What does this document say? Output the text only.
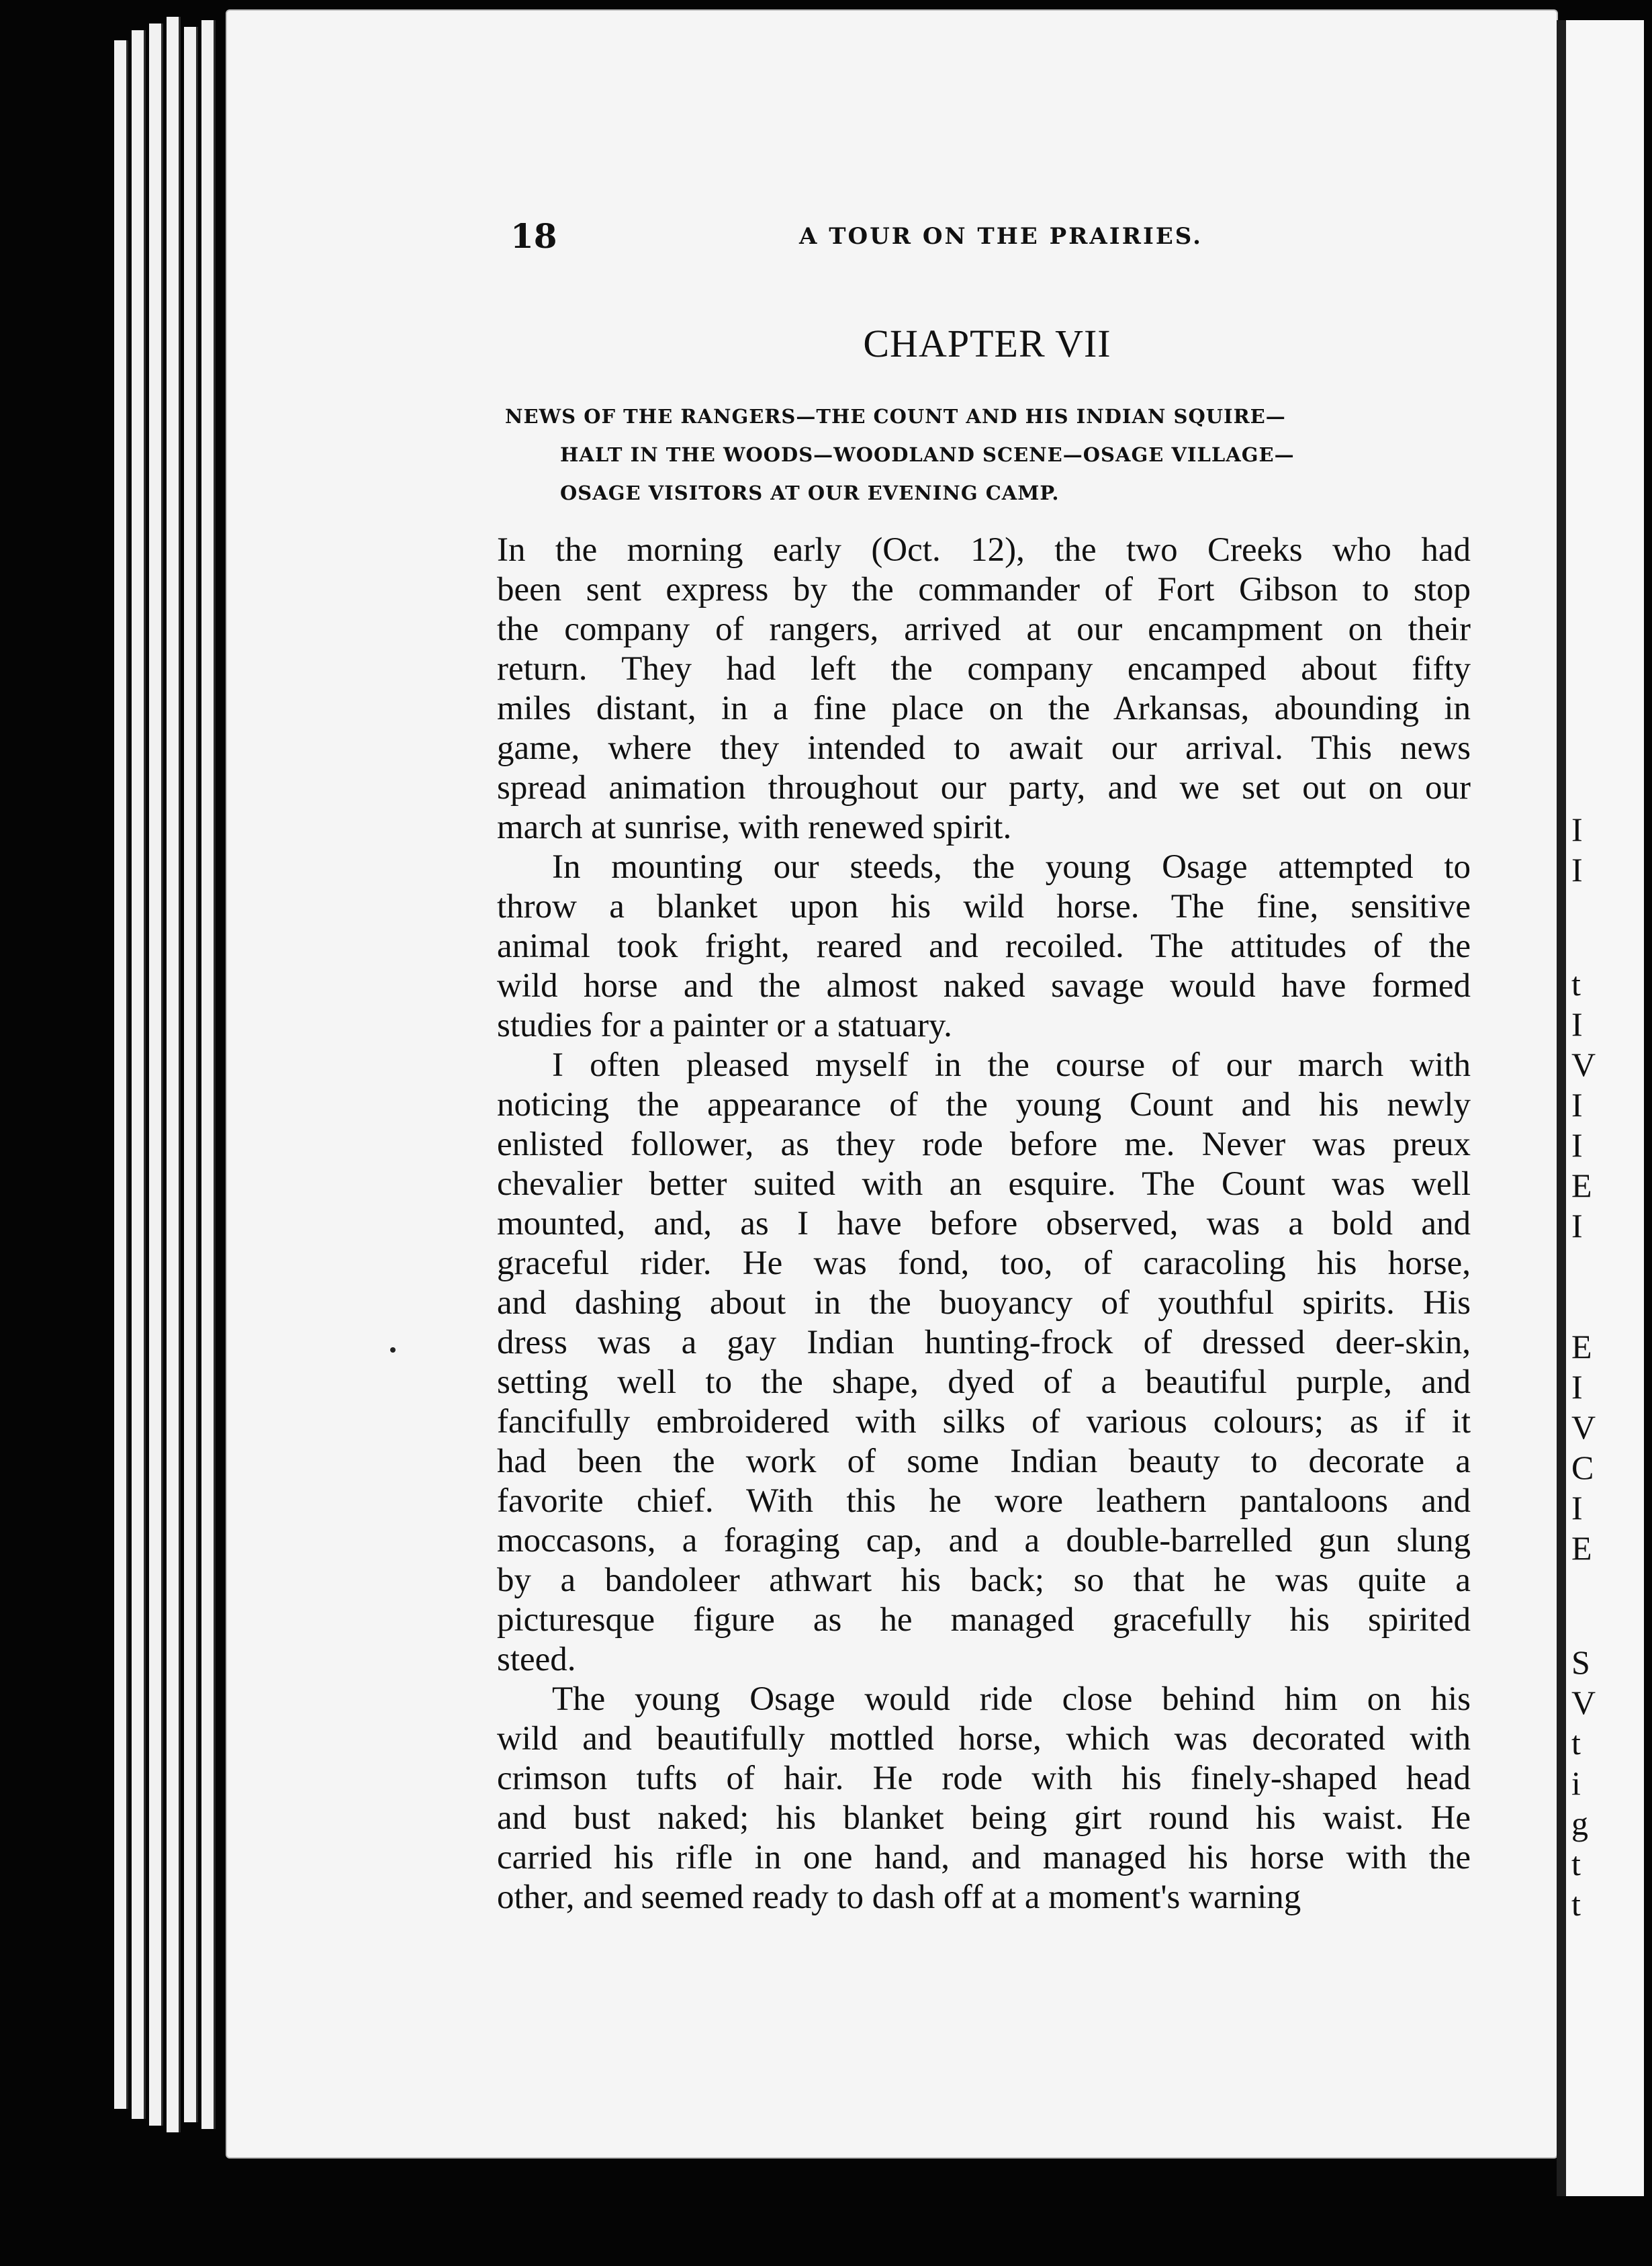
I
I
t
I
V
I
I
E
I
E
I
V
C
I
E
S
V
t
i
g
t
t
18	A TOUR ON THE PRAIRIES.
CHAPTER VII
NEWS OF THE RANGERS—THE COUNT AND HIS INDIAN SQUIRE—
HALT IN THE WOODS—WOODLAND SCENE—OSAGE VILLAGE—
OSAGE VISITORS AT OUR EVENING CAMP.

In the morning early (Oct. 12), the two Creeks who had
been sent express by the commander of Fort Gibson to stop
the company of rangers, arrived at our encampment on their
return. They had left the company encamped about fifty
miles distant, in a fine place on the Arkansas, abounding in
game, where they intended to await our arrival. This news
spread animation throughout our party, and we set out on our
march at sunrise, with renewed spirit.

In mounting our steeds, the young Osage attempted to
throw a blanket upon his wild horse. The fine, sensitive
animal took fright, reared and recoiled. The attitudes of the
wild horse and the almost naked savage would have formed
studies for a painter or a statuary.

I often pleased myself in the course of our march with
noticing the appearance of the young Count and his newly
enlisted follower, as they rode before me. Never was preux
chevalier better suited with an esquire. The Count was well
mounted, and, as I have before observed, was a bold and
graceful rider. He was fond, too, of caracoling his horse,
and dashing about in the buoyancy of youthful spirits. His
dress was a gay Indian hunting-frock of dressed deer-skin,
setting well to the shape, dyed of a beautiful purple, and
fancifully embroidered with silks of various colours; as if it
had been the work of some Indian beauty to decorate a
favorite chief. With this he wore leathern pantaloons and
moccasons, a foraging cap, and a double-barrelled gun slung
by a bandoleer athwart his back; so that he was quite a
picturesque figure as he managed gracefully his spirited
steed.

The young Osage would ride close behind him on his
wild and beautifully mottled horse, which was decorated with
crimson tufts of hair. He rode with his finely-shaped head
and bust naked; his blanket being girt round his waist. He
carried his rifle in one hand, and managed his horse with the
other, and seemed ready to dash off at a moment's warning
